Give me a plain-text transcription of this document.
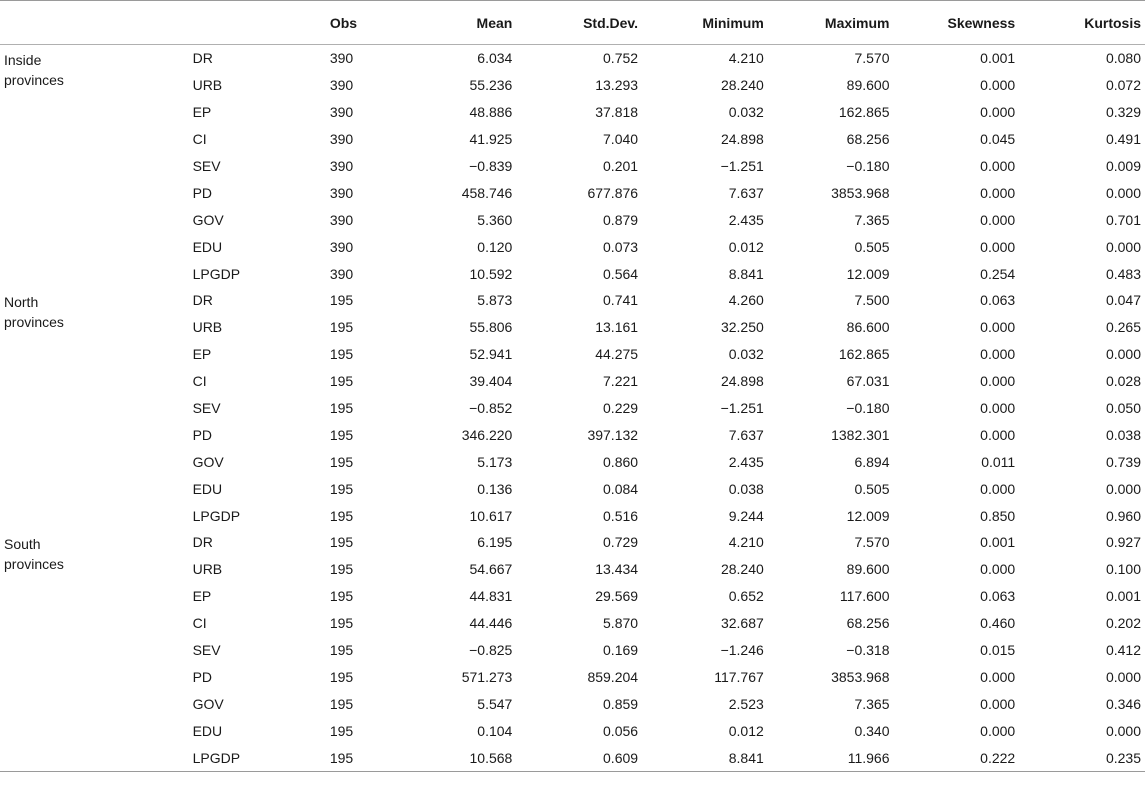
		Obs	Mean	Std.Dev.	Minimum	Maximum	Skewness	Kurtosis
Inside
provinces	DR	390	6.034	0.752	4.210	7.570	0.001	0.080
	URB	390	55.236	13.293	28.240	89.600	0.000	0.072
	EP	390	48.886	37.818	0.032	162.865	0.000	0.329
	CI	390	41.925	7.040	24.898	68.256	0.045	0.491
	SEV	390	−0.839	0.201	−1.251	−0.180	0.000	0.009
	PD	390	458.746	677.876	7.637	3853.968	0.000	0.000
	GOV	390	5.360	0.879	2.435	7.365	0.000	0.701
	EDU	390	0.120	0.073	0.012	0.505	0.000	0.000
	LPGDP	390	10.592	0.564	8.841	12.009	0.254	0.483
North
provinces	DR	195	5.873	0.741	4.260	7.500	0.063	0.047
	URB	195	55.806	13.161	32.250	86.600	0.000	0.265
	EP	195	52.941	44.275	0.032	162.865	0.000	0.000
	CI	195	39.404	7.221	24.898	67.031	0.000	0.028
	SEV	195	−0.852	0.229	−1.251	−0.180	0.000	0.050
	PD	195	346.220	397.132	7.637	1382.301	0.000	0.038
	GOV	195	5.173	0.860	2.435	6.894	0.011	0.739
	EDU	195	0.136	0.084	0.038	0.505	0.000	0.000
	LPGDP	195	10.617	0.516	9.244	12.009	0.850	0.960
South
provinces	DR	195	6.195	0.729	4.210	7.570	0.001	0.927
	URB	195	54.667	13.434	28.240	89.600	0.000	0.100
	EP	195	44.831	29.569	0.652	117.600	0.063	0.001
	CI	195	44.446	5.870	32.687	68.256	0.460	0.202
	SEV	195	−0.825	0.169	−1.246	−0.318	0.015	0.412
	PD	195	571.273	859.204	117.767	3853.968	0.000	0.000
	GOV	195	5.547	0.859	2.523	7.365	0.000	0.346
	EDU	195	0.104	0.056	0.012	0.340	0.000	0.000
	LPGDP	195	10.568	0.609	8.841	11.966	0.222	0.235
